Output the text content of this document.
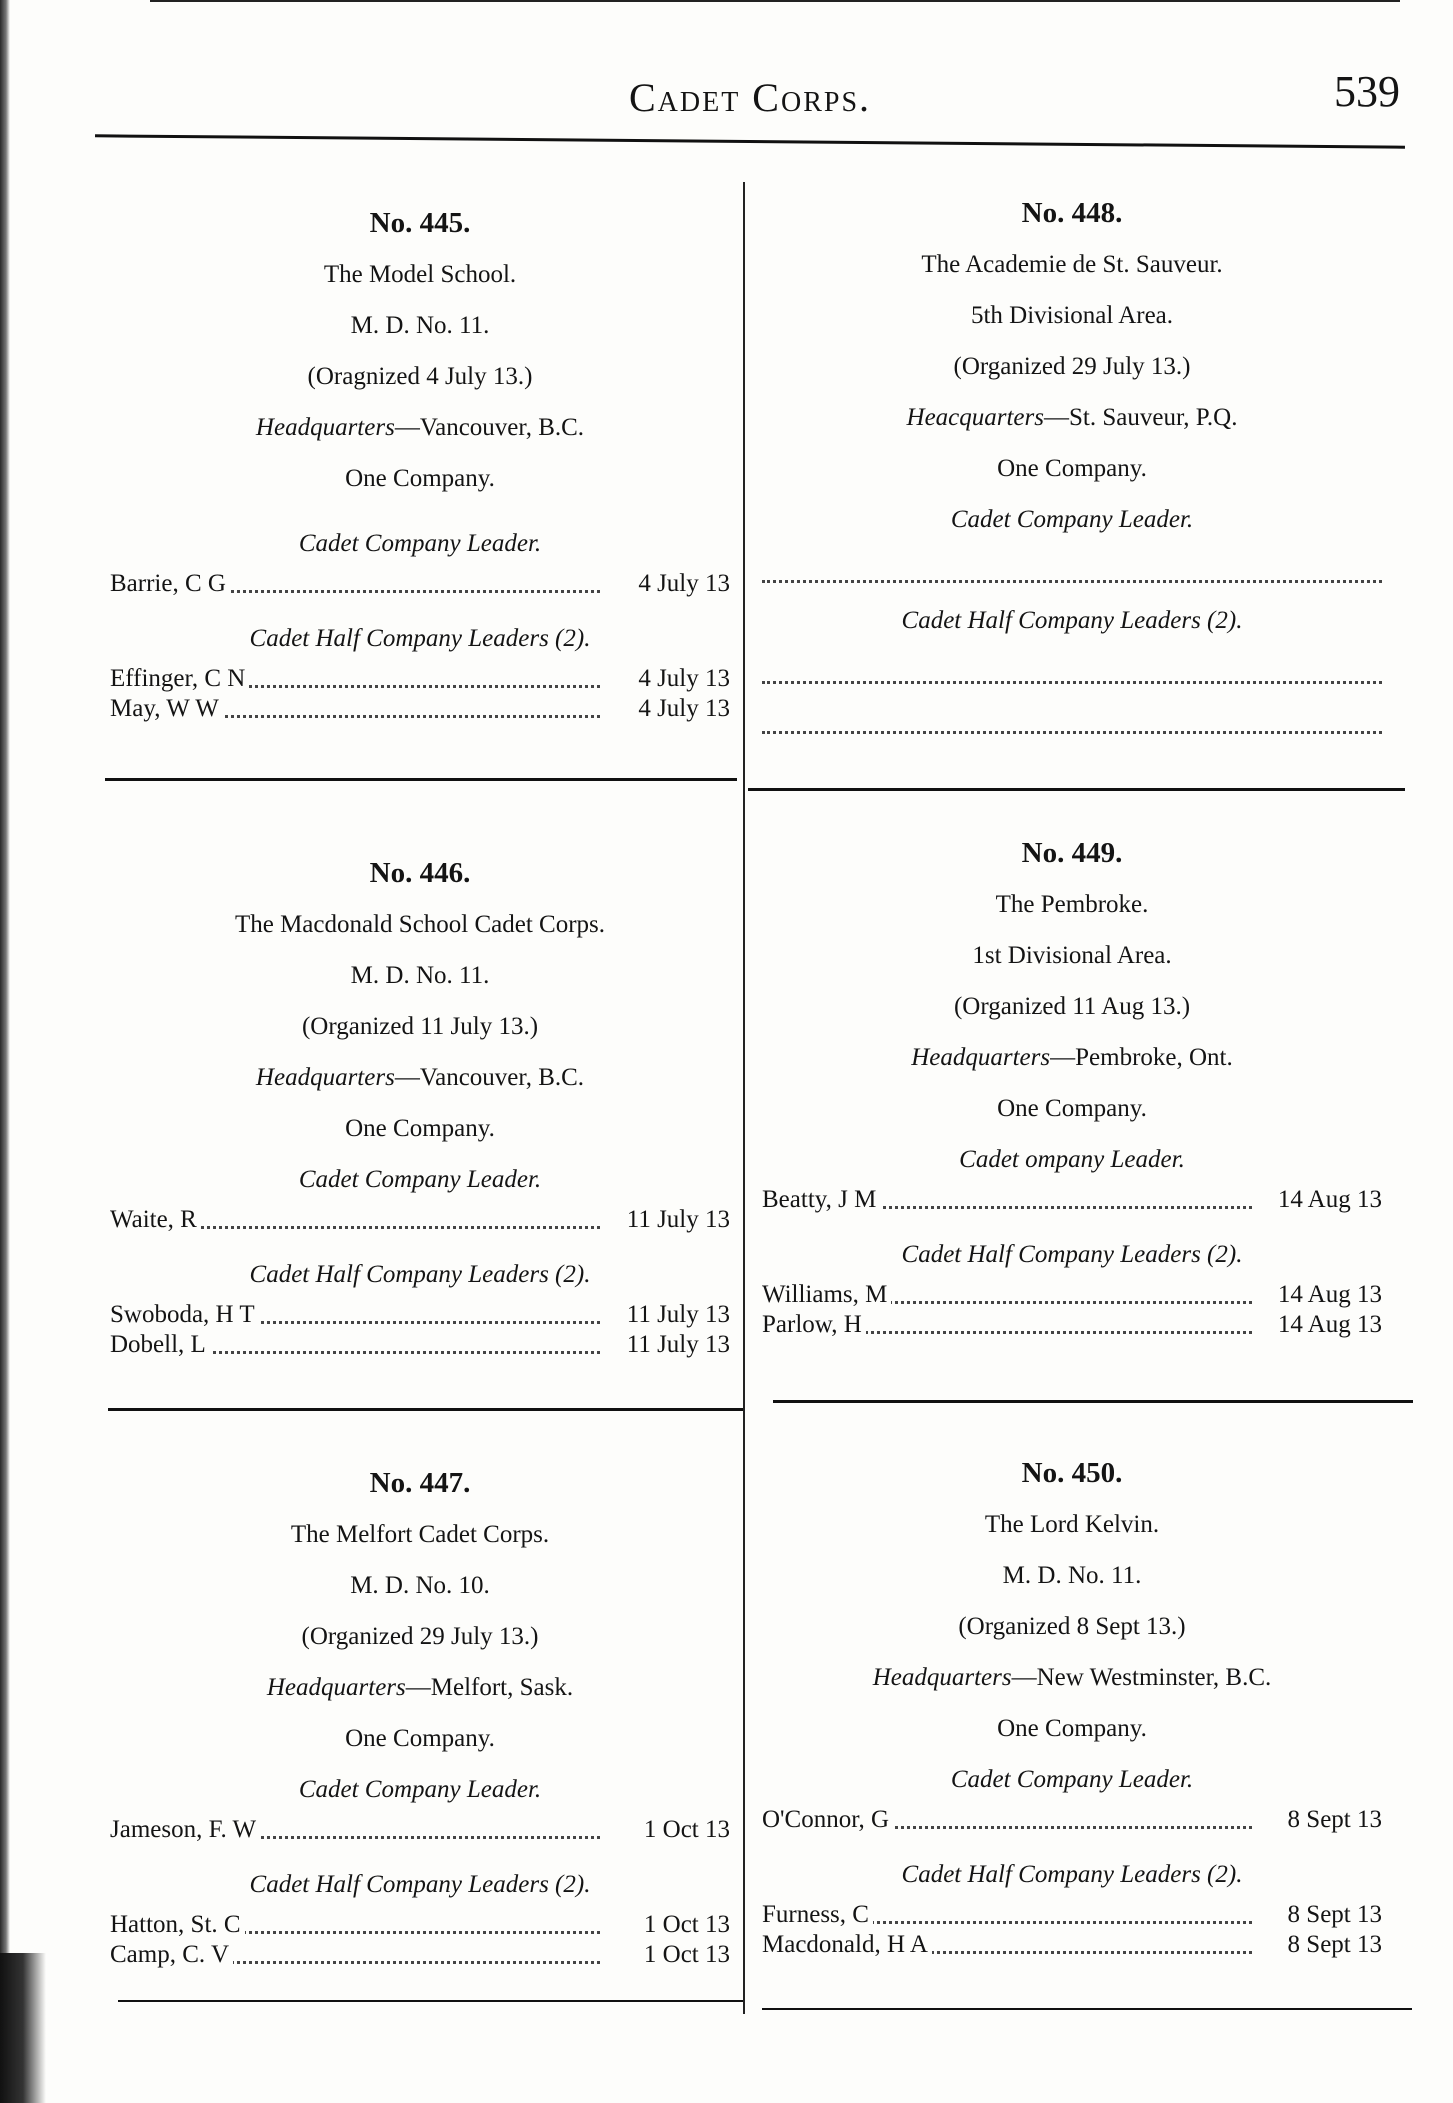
Cadet Corps.	539

No. 445.

The Model School.

M. D. No. 11.

(Oragnized 4 July 13.)

Headquarters—Vancouver, B.C.

One Company.

Cadet Company Leader.

Barrie, C G	4 July 13

Cadet Half Company Leaders (2).

Effinger, C N	4 July 13
May, W W	4 July 13

No. 446.

The Macdonald School Cadet Corps.

M. D. No. 11.

(Organized 11 July 13.)

Headquarters—Vancouver, B.C.

One Company.

Cadet Company Leader.

Waite, R	11 July 13

Cadet Half Company Leaders (2).

Swoboda, H T	11 July 13
Dobell, L	11 July 13

No. 447.

The Melfort Cadet Corps.

M. D. No. 10.

(Organized 29 July 13.)

Headquarters—Melfort, Sask.

One Company.

Cadet Company Leader.

Jameson, F. W	1 Oct 13

Cadet Half Company Leaders (2).

Hatton, St. C	1 Oct 13
Camp, C. V	1 Oct 13

No. 448.

The Academie de St. Sauveur.

5th Divisional Area.

(Organized 29 July 13.)

Heacquarters—St. Sauveur, P.Q.

One Company.

Cadet Company Leader.

Cadet Half Company Leaders (2).

No. 449.

The Pembroke.

1st Divisional Area.

(Organized 11 Aug 13.)

Headquarters—Pembroke, Ont.

One Company.

Cadet ompany Leader.

Beatty, J M	14 Aug 13

Cadet Half Company Leaders (2).

Williams, M	14 Aug 13
Parlow, H	14 Aug 13

No. 450.

The Lord Kelvin.

M. D. No. 11.

(Organized 8 Sept 13.)

Headquarters—New Westminster, B.C.

One Company.

Cadet Company Leader.

O'Connor, G	8 Sept 13

Cadet Half Company Leaders (2).

Furness, C	8 Sept 13
Macdonald, H A	8 Sept 13
